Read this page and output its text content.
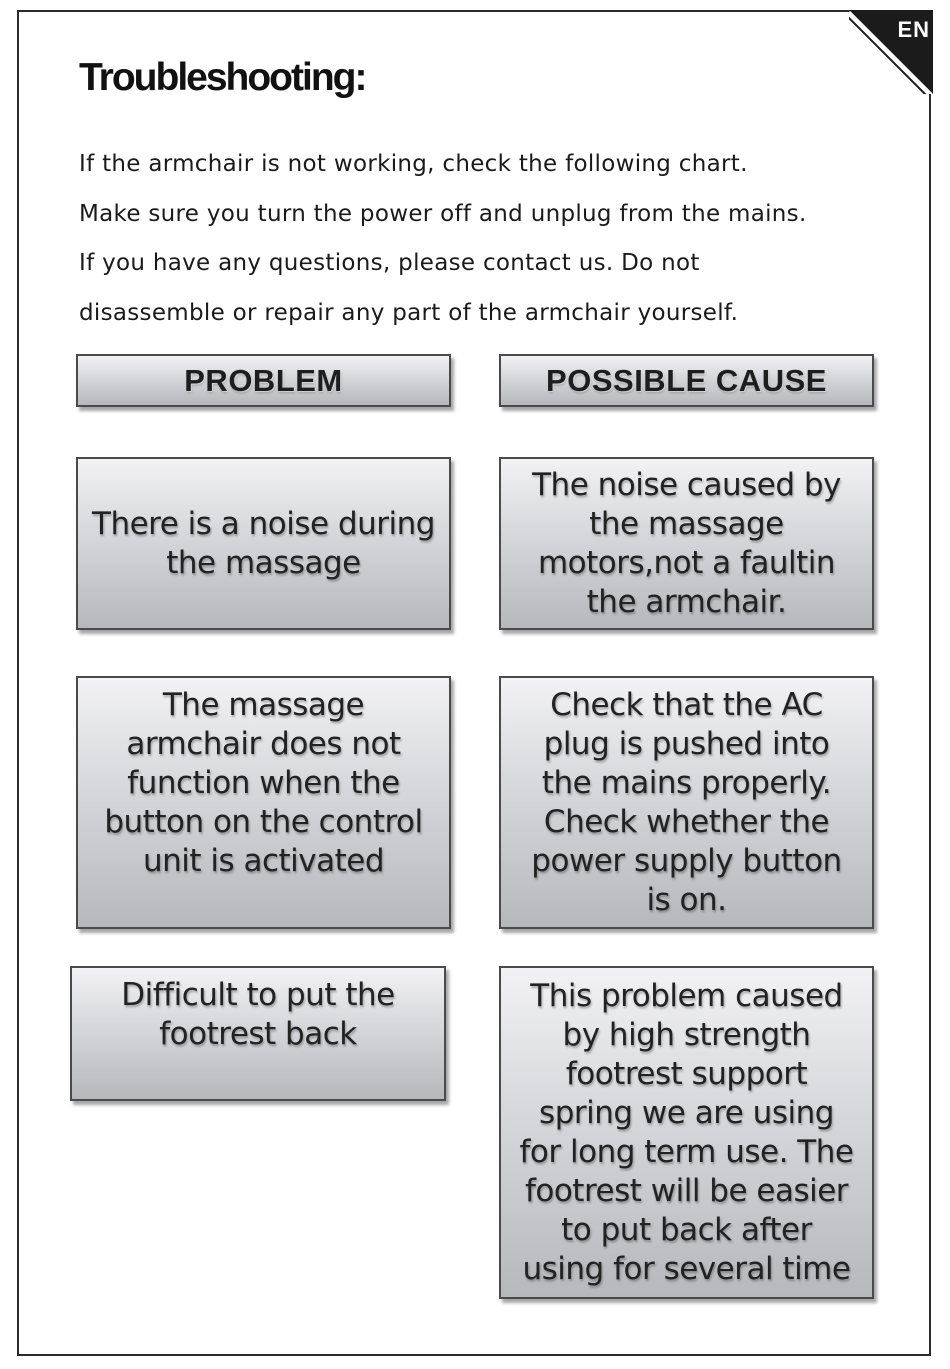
EN
Troubleshooting:
If the armchair is not working, check the following chart.
Make sure you turn the power off and unplug from the mains.
If you have any questions, please contact us. Do not
disassemble or repair any part of the armchair yourself.
PROBLEM	POSSIBLE CAUSE
There is a noise during
the massage
The noise caused by
the massage
motors,not a faultin
the armchair.
The massage
armchair does not
function when the
button on the control
unit is activated
Check that the AC
plug is pushed into
the mains properly.
Check whether the
power supply button
is on.
Difficult to put the
footrest back
This problem caused
by high strength
footrest support
spring we are using
for long term use. The
footrest will be easier
to put back after
using for several time
